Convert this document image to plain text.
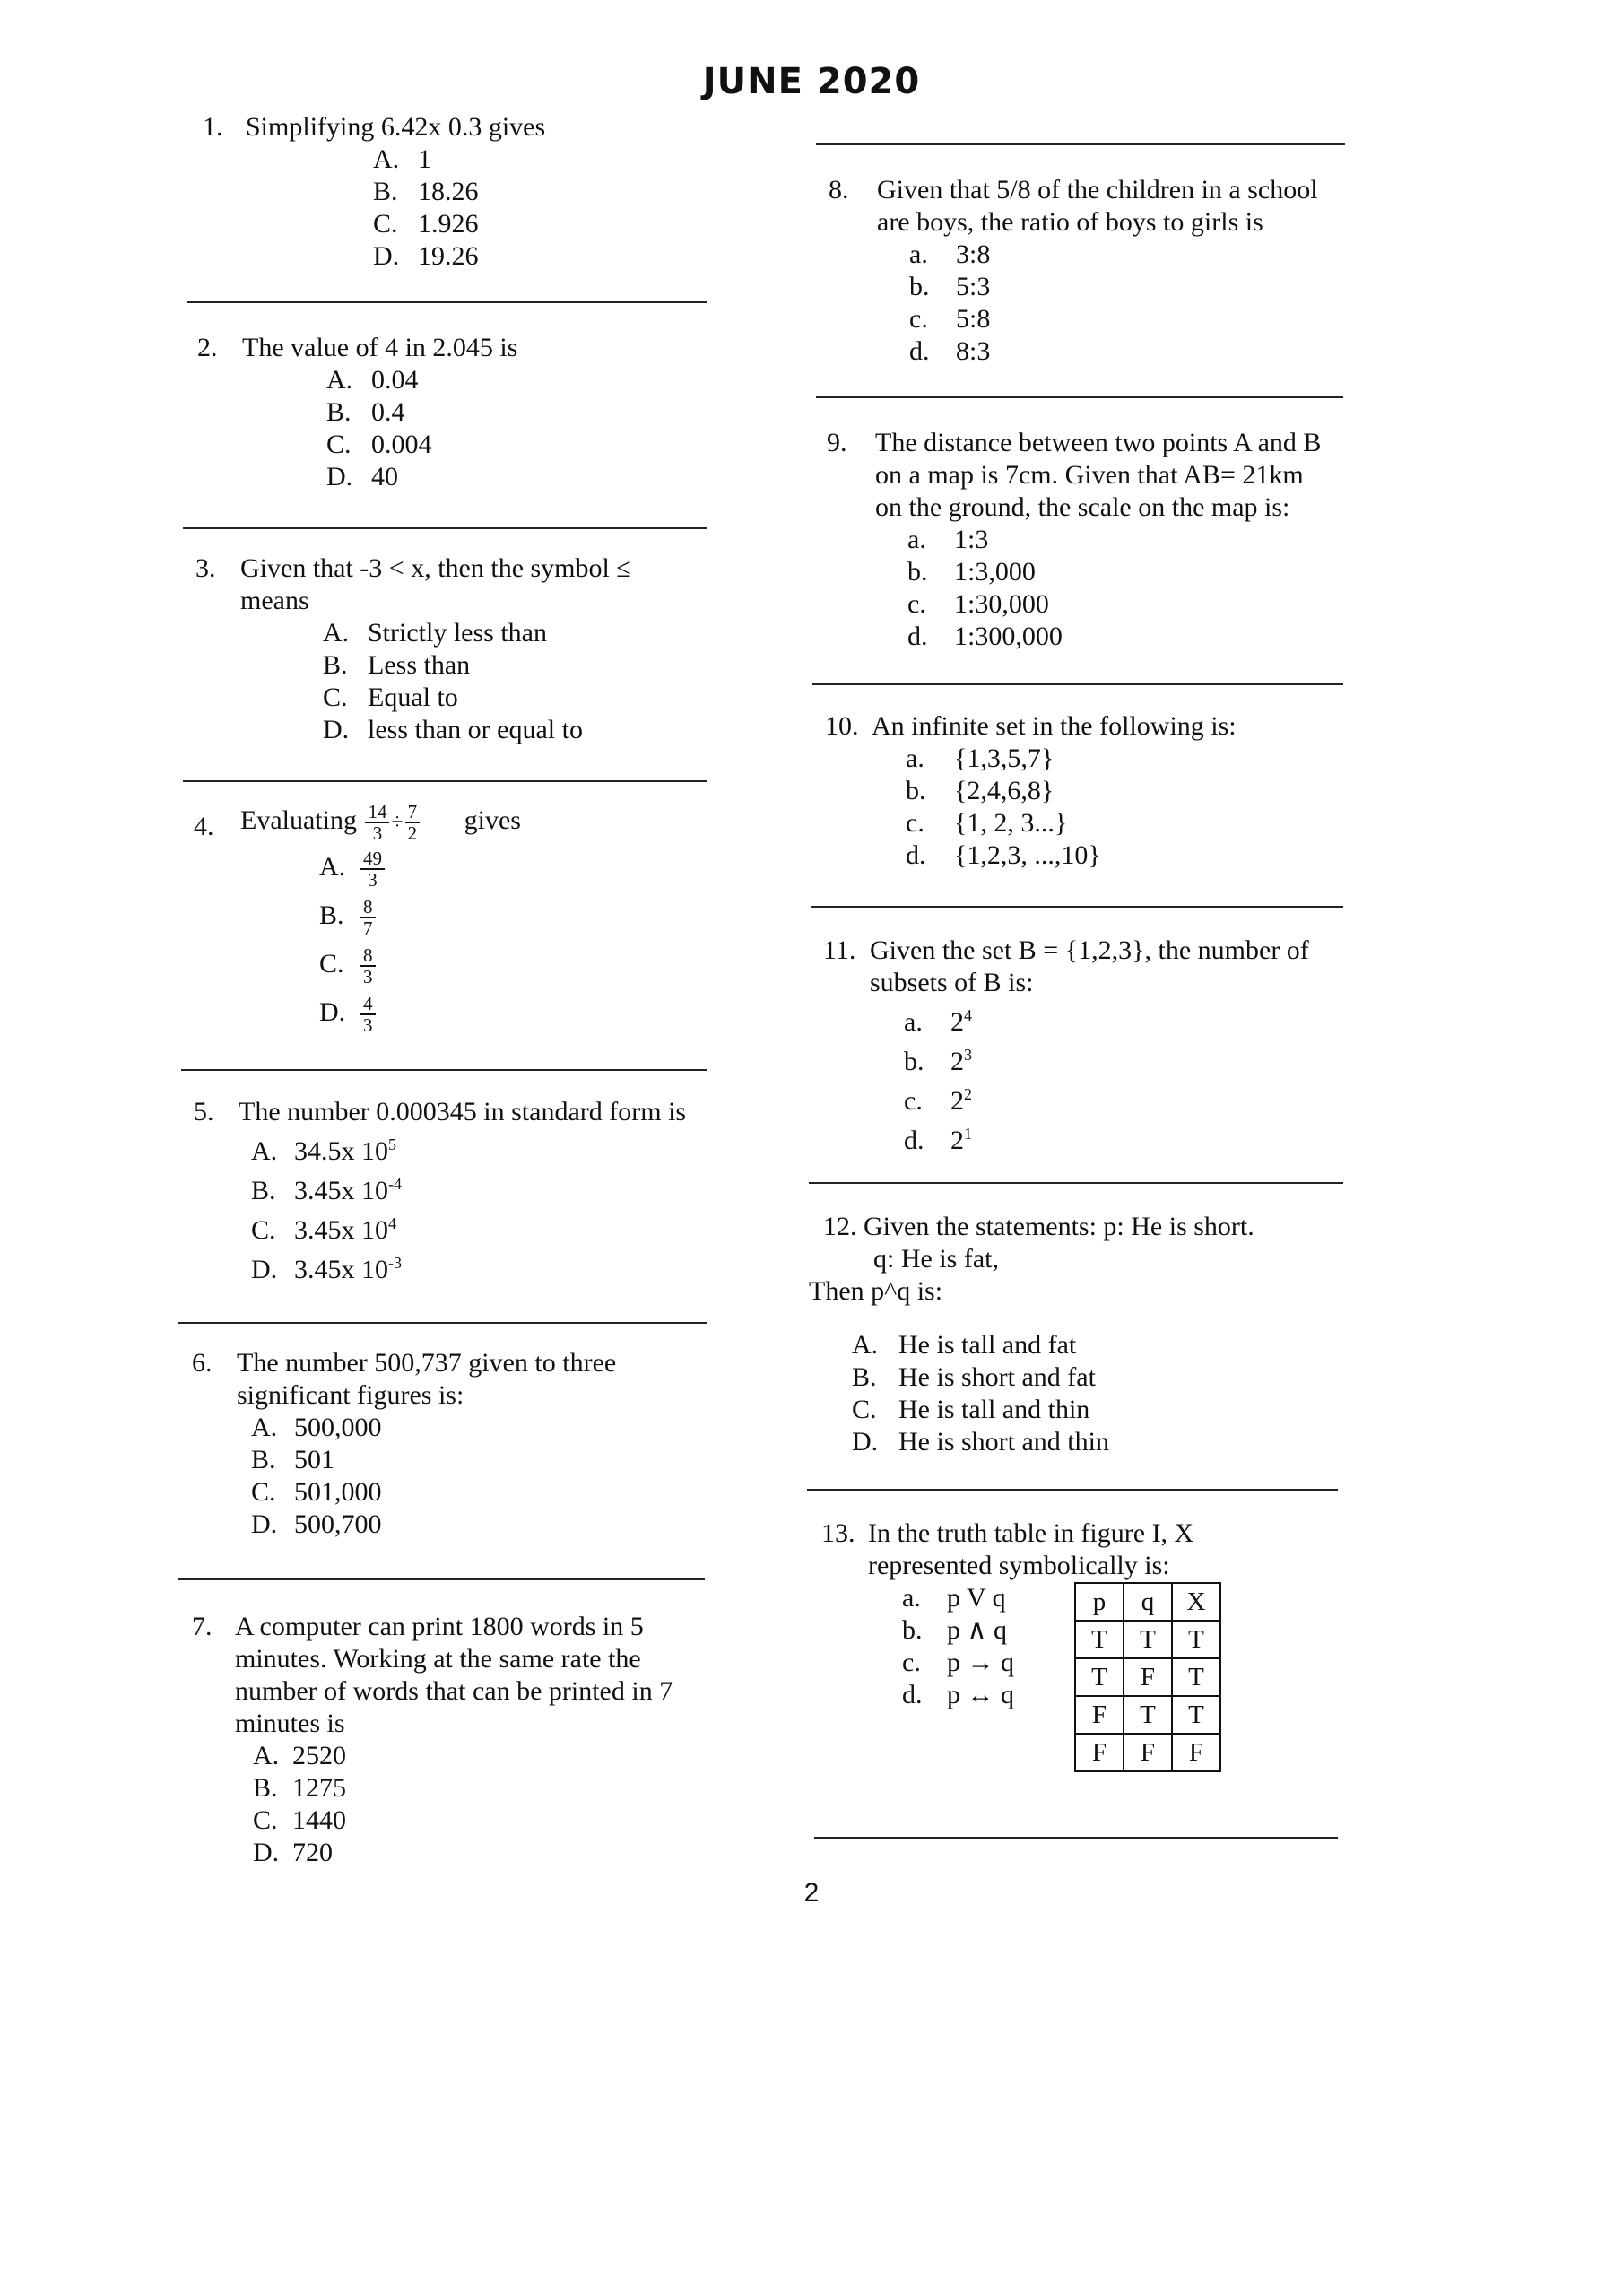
JUNE 2020
1. Simplifying 6.42x 0.3 gives
A. 1
B. 18.26
C. 1.926
D. 19.26
2. The value of 4 in 2.045 is
A. 0.04
B. 0.4
C. 0.004
D. 40
3. Given that -3 < x, then the symbol ≤ means
A. Strictly less than
B. Less than
C. Equal to
D. less than or equal to
4. Evaluating $\frac{14}{3} \div \frac{7}{2}$ gives
A. $\frac{49}{3}$
B. $\frac{8}{7}$
C. $\frac{8}{3}$
D. $\frac{4}{3}$
5. The number 0.000345 in standard form is
A. 34.5x $10^5$
B. 3.45x $10^{-4}$
C. 3.45x $10^4$
D. 3.45x $10^{-3}$
6. The number 500,737 given to three significant figures is:
A. 500,000
B. 501
C. 501,000
D. 500,700
7. A computer can print 1800 words in 5 minutes. Working at the same rate the number of words that can be printed in 7 minutes is
A. 2520
B. 1275
C. 1440
D. 720
8. Given that 5/8 of the children in a school are boys, the ratio of boys to girls is
a. 3:8
b. 5:3
c. 5:8
d. 8:3
9. The distance between two points A and B on a map is 7cm. Given that AB= 21km on the ground, the scale on the map is:
a. 1:3
b. 1:3,000
c. 1:30,000
d. 1:300,000
10. An infinite set in the following is:
a. {1,3,5,7}
b. {2,4,6,8}
c. {1, 2, 3...}
d. {1,2,3, ...,10}
11. Given the set B = {1,2,3}, the number of subsets of B is:
a. $2^4$
b. $2^3$
c. $2^2$
d. $2^1$
12. Given the statements: p: He is short.
q: He is fat,
Then p^q is:
A. He is tall and fat
B. He is short and fat
C. He is tall and thin
D. He is short and thin
13. In the truth table in figure I, X represented symbolically is:
a. p V q
b. p ∧ q
c. p → q
d. p ↔ q
p	q	X
T	T	T
T	F	T
F	T	T
F	F	F
2
